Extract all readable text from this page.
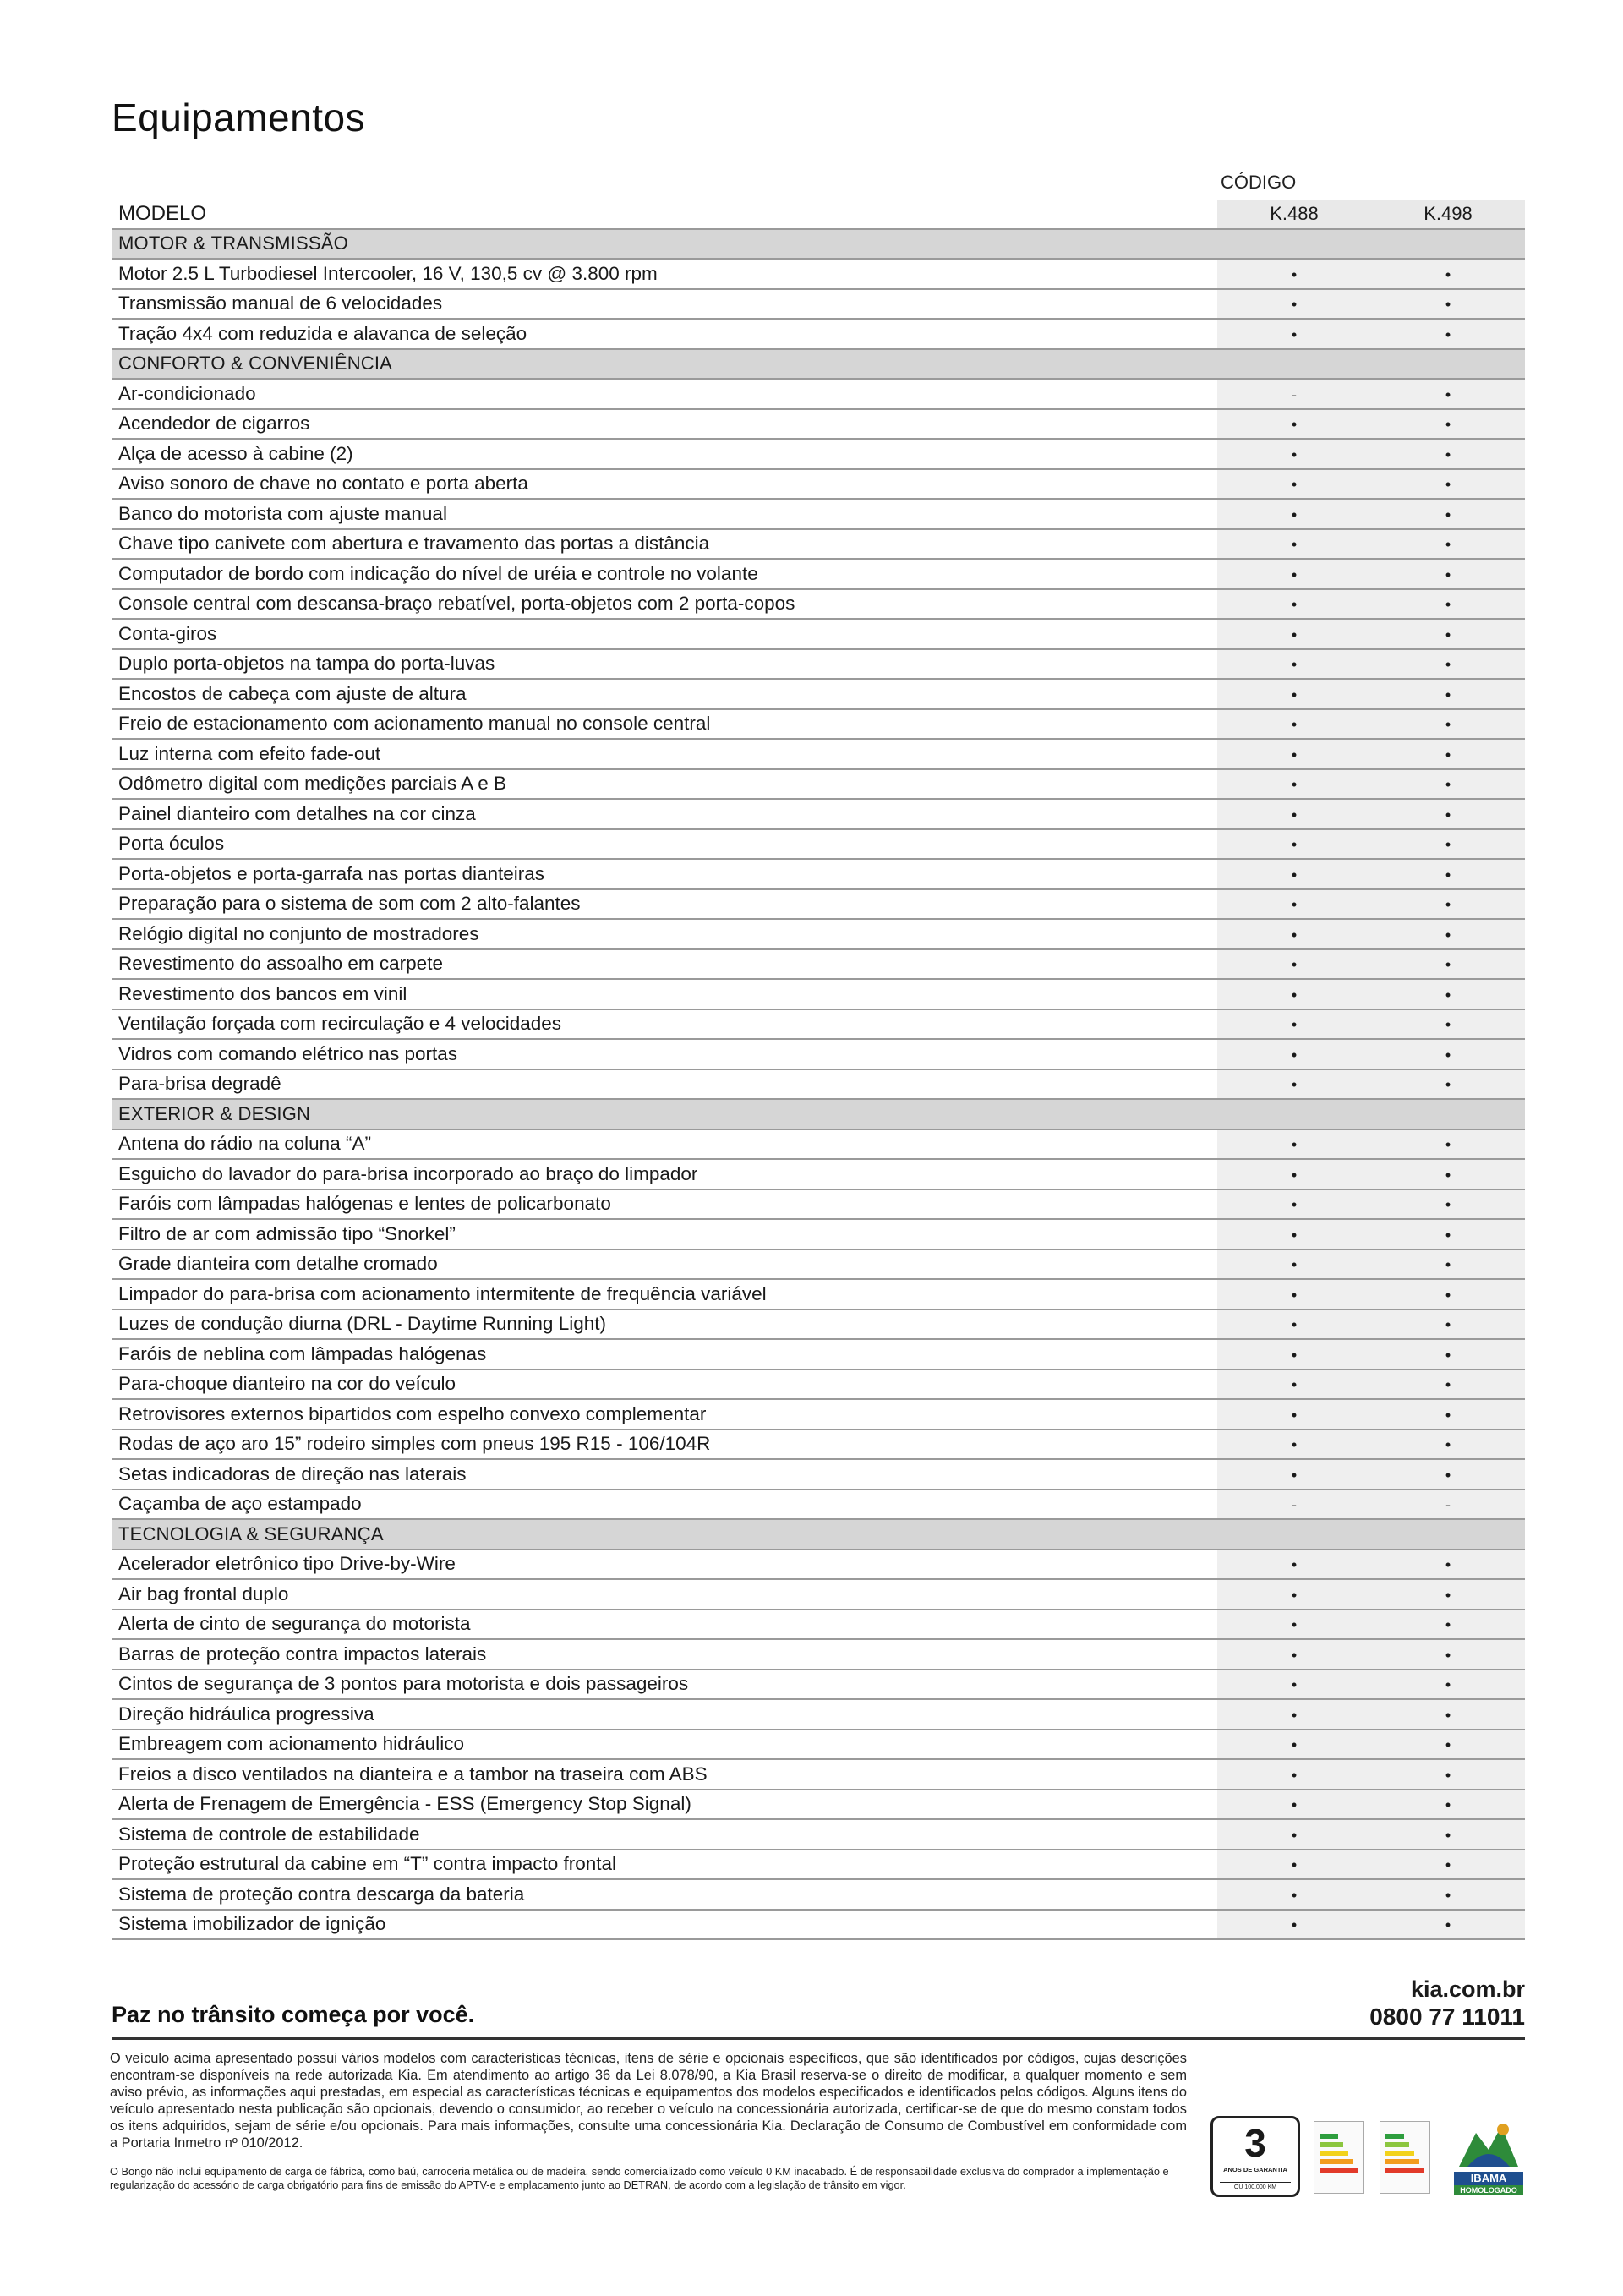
Equipamentos
CÓDIGO
MODELO	K.488	K.498
MOTOR & TRANSMISSÃO		
Motor 2.5 L Turbodiesel Intercooler, 16 V, 130,5 cv @ 3.800 rpm	•	•
Transmissão manual de 6 velocidades	•	•
Tração 4x4 com reduzida e alavanca de seleção	•	•
CONFORTO & CONVENIÊNCIA		
Ar-condicionado	-	•
Acendedor de cigarros	•	•
Alça de acesso à cabine (2)	•	•
Aviso sonoro de chave no contato e porta aberta	•	•
Banco do motorista com ajuste manual	•	•
Chave tipo canivete com abertura e travamento das portas a distância	•	•
Computador de bordo com indicação do nível de uréia e controle no volante	•	•
Console central com descansa-braço rebatível, porta-objetos com 2 porta-copos	•	•
Conta-giros	•	•
Duplo porta-objetos na tampa do porta-luvas	•	•
Encostos de cabeça com ajuste de altura	•	•
Freio de estacionamento com acionamento manual no console central	•	•
Luz interna com efeito fade-out	•	•
Odômetro digital com medições parciais A e B	•	•
Painel dianteiro com detalhes na cor cinza	•	•
Porta óculos	•	•
Porta-objetos e porta-garrafa nas portas dianteiras	•	•
Preparação para o sistema de som com 2 alto-falantes	•	•
Relógio digital no conjunto de mostradores	•	•
Revestimento do assoalho em carpete	•	•
Revestimento dos bancos em vinil	•	•
Ventilação forçada com recirculação e 4 velocidades	•	•
Vidros com comando elétrico nas portas	•	•
Para-brisa degradê	•	•
EXTERIOR & DESIGN		
Antena do rádio na coluna “A”	•	•
Esguicho do lavador do para-brisa incorporado ao braço do limpador	•	•
Faróis com lâmpadas halógenas e lentes de policarbonato	•	•
Filtro de ar com admissão tipo “Snorkel”	•	•
Grade dianteira com detalhe cromado	•	•
Limpador do para-brisa com acionamento intermitente de frequência variável	•	•
Luzes de condução diurna (DRL - Daytime Running Light)	•	•
Faróis de neblina com lâmpadas halógenas	•	•
Para-choque dianteiro na cor do veículo	•	•
Retrovisores externos bipartidos com espelho convexo complementar	•	•
Rodas de aço aro 15” rodeiro simples com pneus 195 R15 - 106/104R	•	•
Setas indicadoras de direção nas laterais	•	•
Caçamba de aço estampado	-	-
TECNOLOGIA & SEGURANÇA		
Acelerador eletrônico tipo Drive-by-Wire	•	•
Air bag frontal duplo	•	•
Alerta de cinto de segurança do motorista	•	•
Barras de proteção contra impactos laterais	•	•
Cintos de segurança de 3 pontos para motorista e dois passageiros	•	•
Direção hidráulica progressiva	•	•
Embreagem com acionamento hidráulico	•	•
Freios a disco ventilados na dianteira e a tambor na traseira com ABS	•	•
Alerta de Frenagem de Emergência - ESS (Emergency Stop Signal)	•	•
Sistema de controle de estabilidade	•	•
Proteção estrutural da cabine em “T” contra impacto frontal	•	•
Sistema de proteção contra descarga da bateria	•	•
Sistema imobilizador de ignição	•	•
Paz no trânsito começa por você.
kia.com.br
0800 77 11011
O veículo acima apresentado possui vários modelos com características técnicas, itens de série e opcionais específicos, que são identificados por códigos, cujas descrições encontram-se disponíveis na rede autorizada Kia. Em atendimento ao artigo 36 da Lei 8.078/90, a Kia Brasil reserva-se o direito de modificar, a qualquer momento e sem aviso prévio, as informações aqui prestadas, em especial as características técnicas e equipamentos dos modelos especificados e identificados pelos códigos. Alguns itens do veículo apresentado nesta publicação são opcionais, devendo o consumidor, ao receber o veículo na concessionária autorizada, certificar-se de que do mesmo constam todos os itens adquiridos, sejam de série e/ou opcionais. Para mais informações, consulte uma concessionária Kia. Declaração de Consumo de Combustível em conformidade com a Portaria Inmetro nº 010/2012.
O Bongo não inclui equipamento de carga de fábrica, como baú, carroceria metálica ou de madeira, sendo comercializado como veículo 0 KM inacabado. É de responsabilidade exclusiva do comprador a implementação e regularização do acessório de carga obrigatório para fins de emissão do APTV-e e emplacamento junto ao DETRAN, de acordo com a legislação de trânsito em vigor.
3
ANOS DE GARANTIA
OU 100.000 KM
IBAMA
HOMOLOGADO
